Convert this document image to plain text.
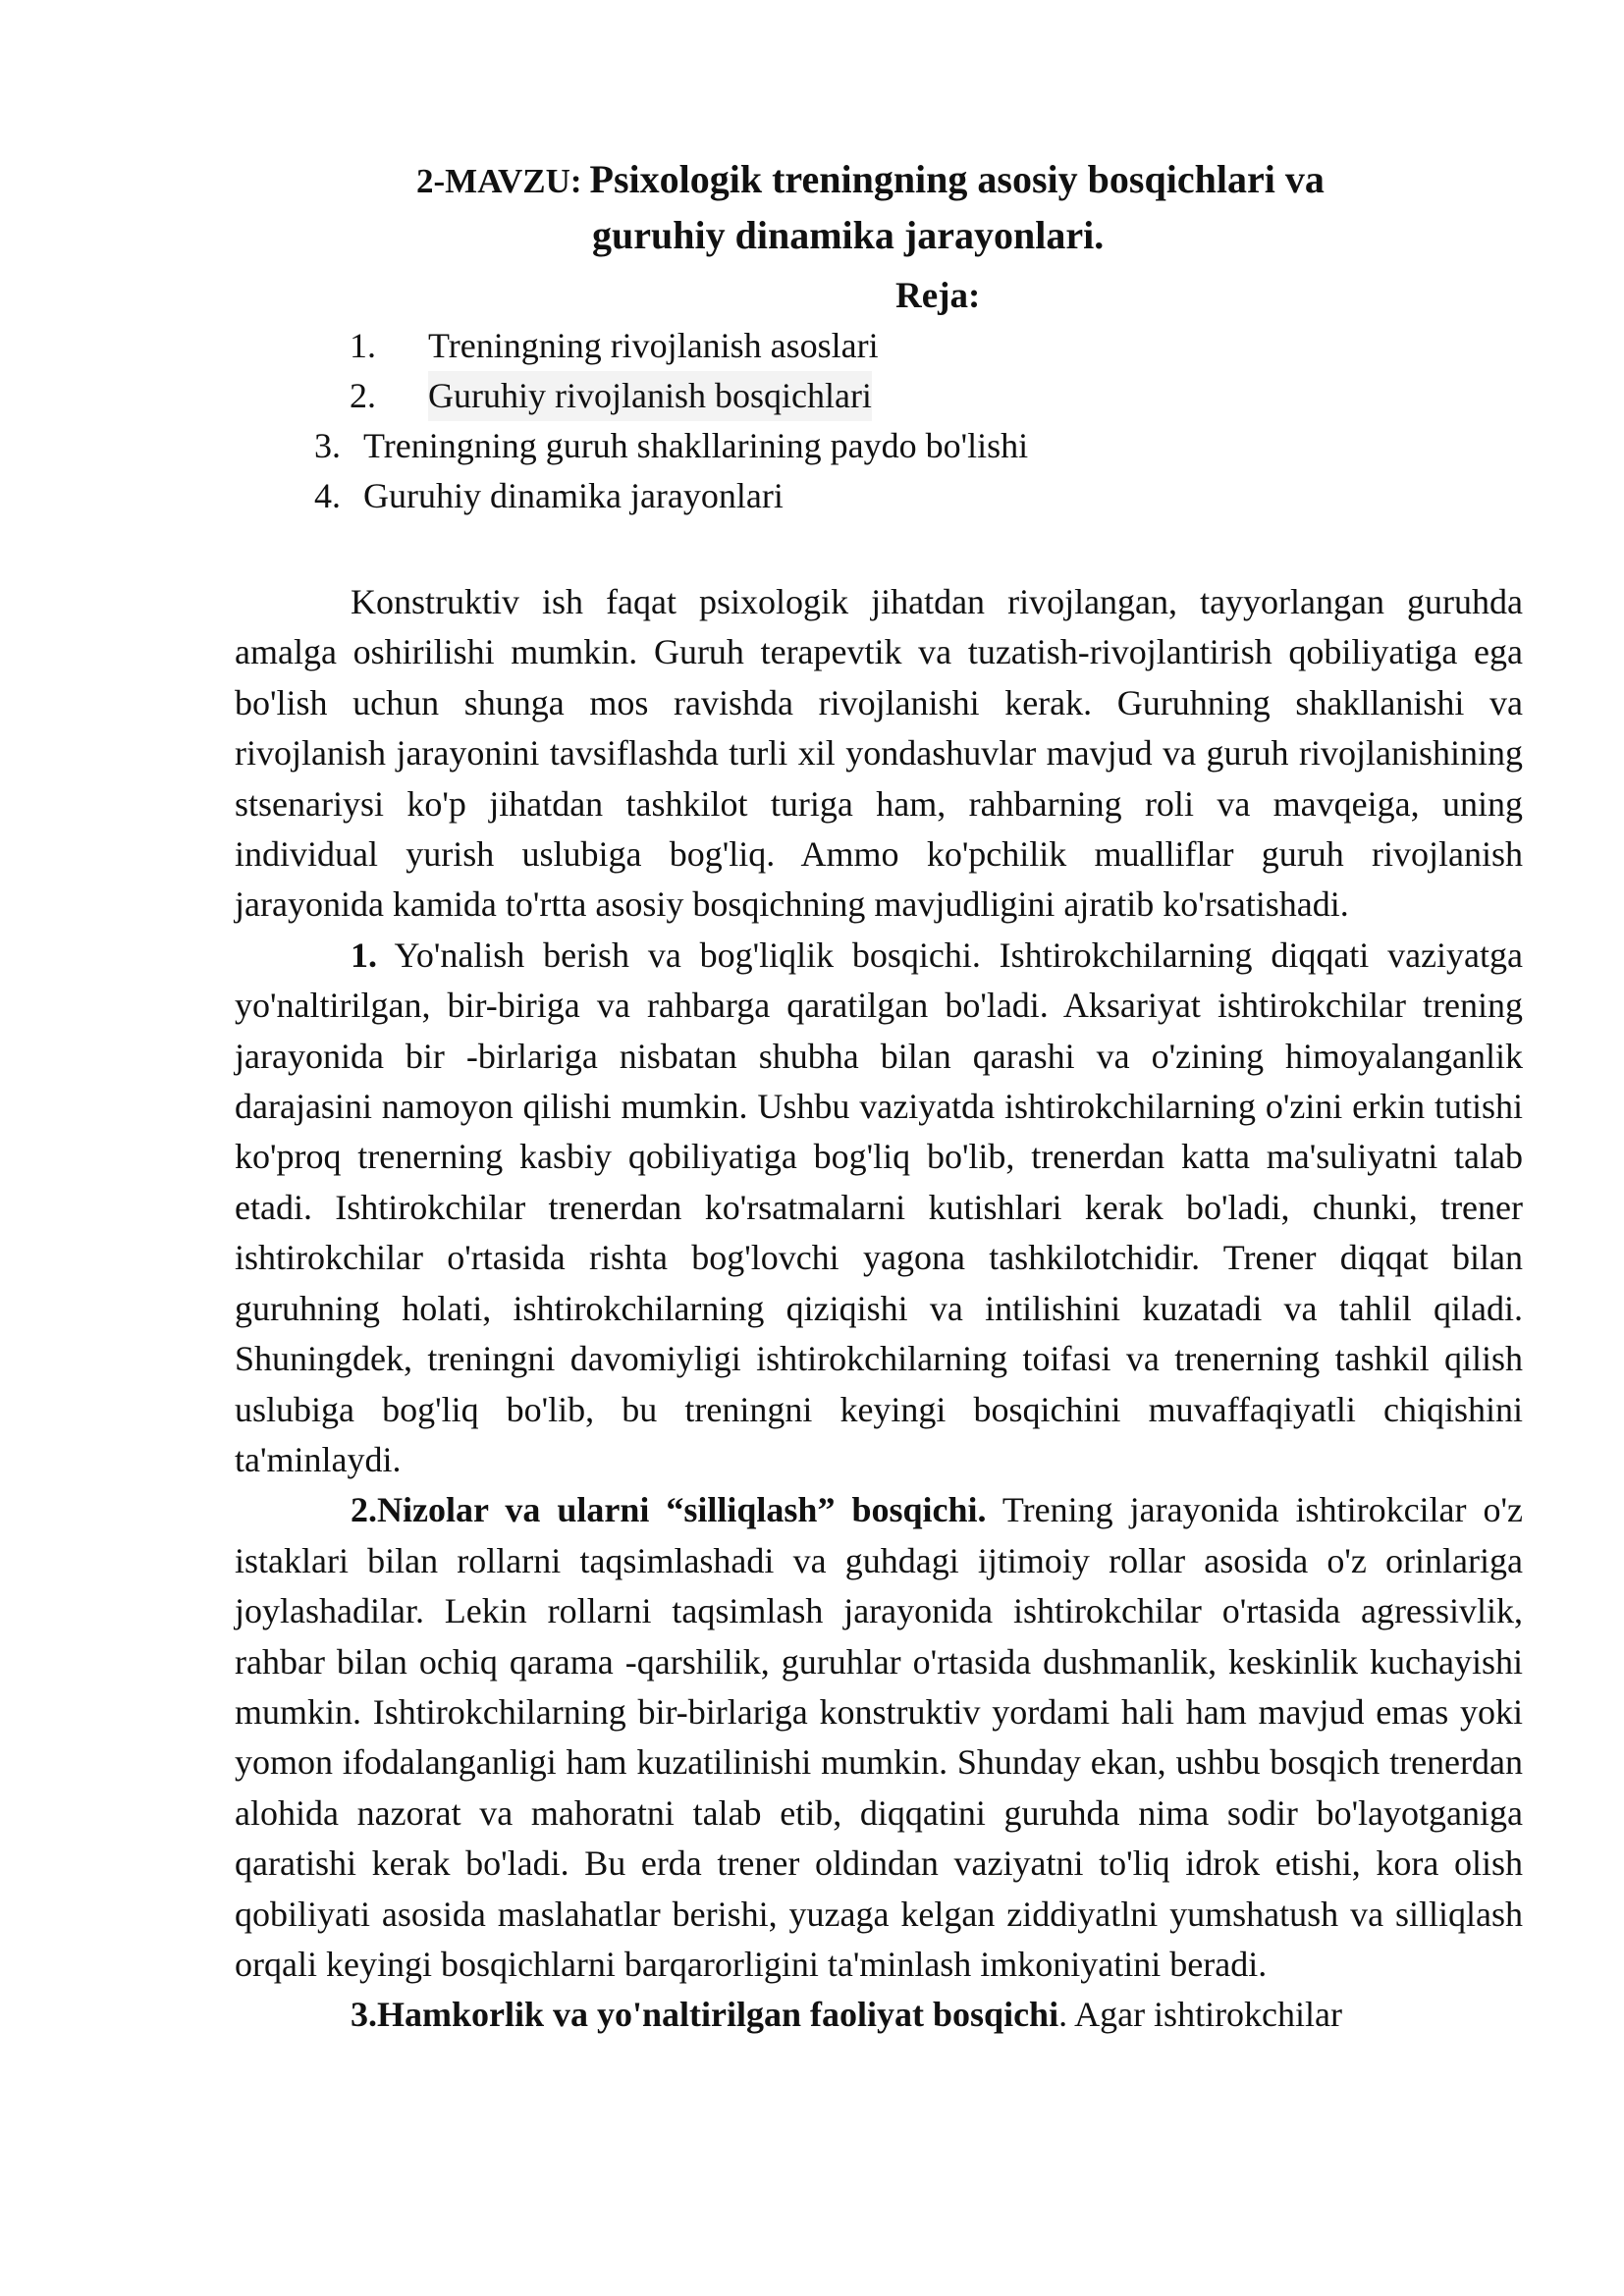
2-MAVZU: Psixologik treningning asosiy bosqichlari va
guruhiy dinamika jarayonlari.
Reja:
1. Treningning rivojlanish asoslari
2. Guruhiy rivojlanish bosqichlari
3. Treningning guruh shakllarining paydo bo'lishi
4. Guruhiy dinamika jarayonlari

Konstruktiv ish faqat psixologik jihatdan rivojlangan, tayyorlangan guruhda amalga oshirilishi mumkin. Guruh terapevtik va tuzatish-rivojlantirish qobiliyatiga ega bo'lish uchun shunga mos ravishda rivojlanishi kerak. Guruhning shakllanishi va rivojlanish jarayonini tavsiflashda turli xil yondashuvlar mavjud va guruh rivojlanishining stsenariysi ko'p jihatdan tashkilot turiga ham, rahbarning roli va mavqeiga, uning individual yurish uslubiga bog'liq. Ammo ko'pchilik mualliflar guruh rivojlanish jarayonida kamida to'rtta asosiy bosqichning mavjudligini ajratib ko'rsatishadi.

1. Yo'nalish berish va bog'liqlik bosqichi. Ishtirokchilarning diqqati vaziyatga yo'naltirilgan, bir-biriga va rahbarga qaratilgan bo'ladi. Aksariyat ishtirokchilar trening jarayonida bir -birlariga nisbatan shubha bilan qarashi va o'zining himoyalanganlik darajasini namoyon qilishi mumkin. Ushbu vaziyatda ishtirokchilarning o'zini erkin tutishi ko'proq trenerning kasbiy qobiliyatiga bog'liq bo'lib, trenerdan katta ma'suliyatni talab etadi. Ishtirokchilar trenerdan ko'rsatmalarni kutishlari kerak bo'ladi, chunki, trener ishtirokchilar o'rtasida rishta bog'lovchi yagona tashkilotchidir. Trener diqqat bilan guruhning holati, ishtirokchilarning qiziqishi va intilishini kuzatadi va tahlil qiladi. Shuningdek, treningni davomiyligi ishtirokchilarning toifasi va trenerning tashkil qilish uslubiga bog'liq bo'lib, bu treningni keyingi bosqichini muvaffaqiyatli chiqishini ta'minlaydi.

2.Nizolar va ularni “silliqlash” bosqichi. Trening jarayonida ishtirokcilar o'z istaklari bilan rollarni taqsimlashadi va guhdagi ijtimoiy rollar asosida o'z orinlariga joylashadilar. Lekin rollarni taqsimlash jarayonida ishtirokchilar o'rtasida agressivlik, rahbar bilan ochiq qarama -qarshilik, guruhlar o'rtasida dushmanlik, keskinlik kuchayishi mumkin. Ishtirokchilarning bir-birlariga konstruktiv yordami hali ham mavjud emas yoki yomon ifodalanganligi ham kuzatilinishi mumkin. Shunday ekan, ushbu bosqich trenerdan alohida nazorat va mahoratni talab etib, diqqatini guruhda nima sodir bo'layotganiga qaratishi kerak bo'ladi. Bu erda trener oldindan vaziyatni to'liq idrok etishi, kora olish qobiliyati asosida maslahatlar berishi, yuzaga kelgan ziddiyatlni yumshatush va silliqlash orqali keyingi bosqichlarni barqarorligini ta'minlash imkoniyatini beradi.

3.Hamkorlik va yo'naltirilgan faoliyat bosqichi. Agar ishtirokchilar
